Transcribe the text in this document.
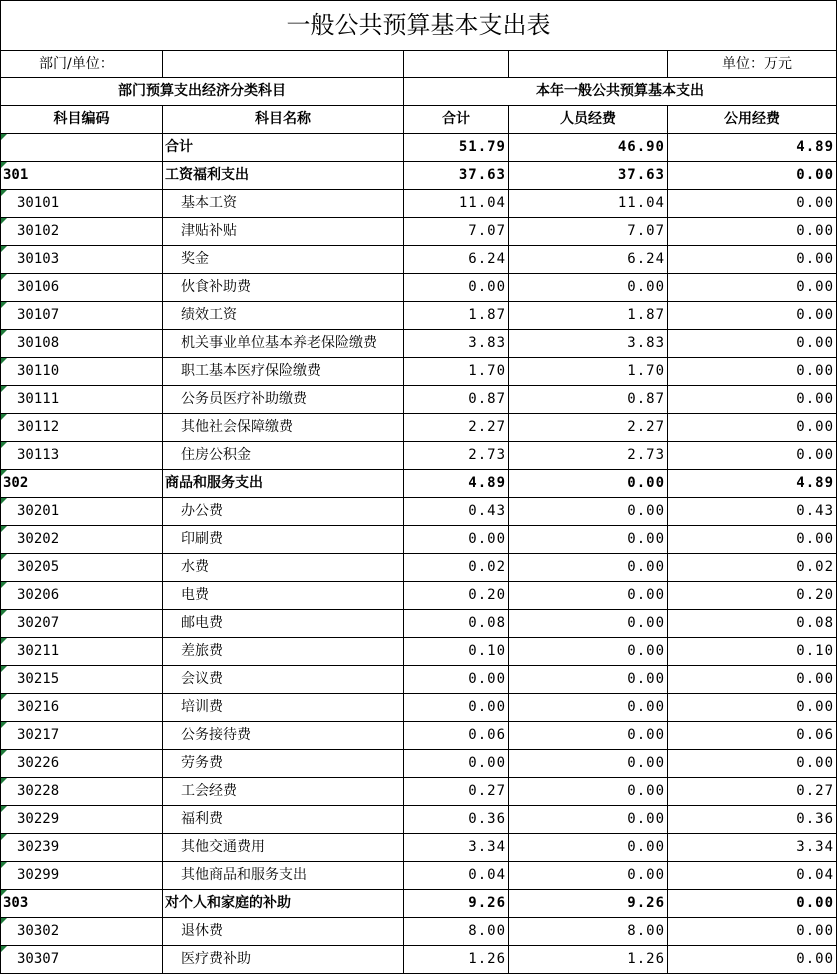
一般公共预算基本支出表				
部门/单位：				单位：万元
部门预算支出经济分类科目		本年一般公共预算基本支出		
科目编码	科目名称	合计	人员经费	公用经费
	合计	51.79	46.90	4.89
301	工资福利支出	37.63	37.63	0.00
30101	基本工资	11.04	11.04	0.00
30102	津贴补贴	7.07	7.07	0.00
30103	奖金	6.24	6.24	0.00
30106	伙食补助费	0.00	0.00	0.00
30107	绩效工资	1.87	1.87	0.00
30108	机关事业单位基本养老保险缴费	3.83	3.83	0.00
30110	职工基本医疗保险缴费	1.70	1.70	0.00
30111	公务员医疗补助缴费	0.87	0.87	0.00
30112	其他社会保障缴费	2.27	2.27	0.00
30113	住房公积金	2.73	2.73	0.00
302	商品和服务支出	4.89	0.00	4.89
30201	办公费	0.43	0.00	0.43
30202	印刷费	0.00	0.00	0.00
30205	水费	0.02	0.00	0.02
30206	电费	0.20	0.00	0.20
30207	邮电费	0.08	0.00	0.08
30211	差旅费	0.10	0.00	0.10
30215	会议费	0.00	0.00	0.00
30216	培训费	0.00	0.00	0.00
30217	公务接待费	0.06	0.00	0.06
30226	劳务费	0.00	0.00	0.00
30228	工会经费	0.27	0.00	0.27
30229	福利费	0.36	0.00	0.36
30239	其他交通费用	3.34	0.00	3.34
30299	其他商品和服务支出	0.04	0.00	0.04
303	对个人和家庭的补助	9.26	9.26	0.00
30302	退休费	8.00	8.00	0.00
30307	医疗费补助	1.26	1.26	0.00
